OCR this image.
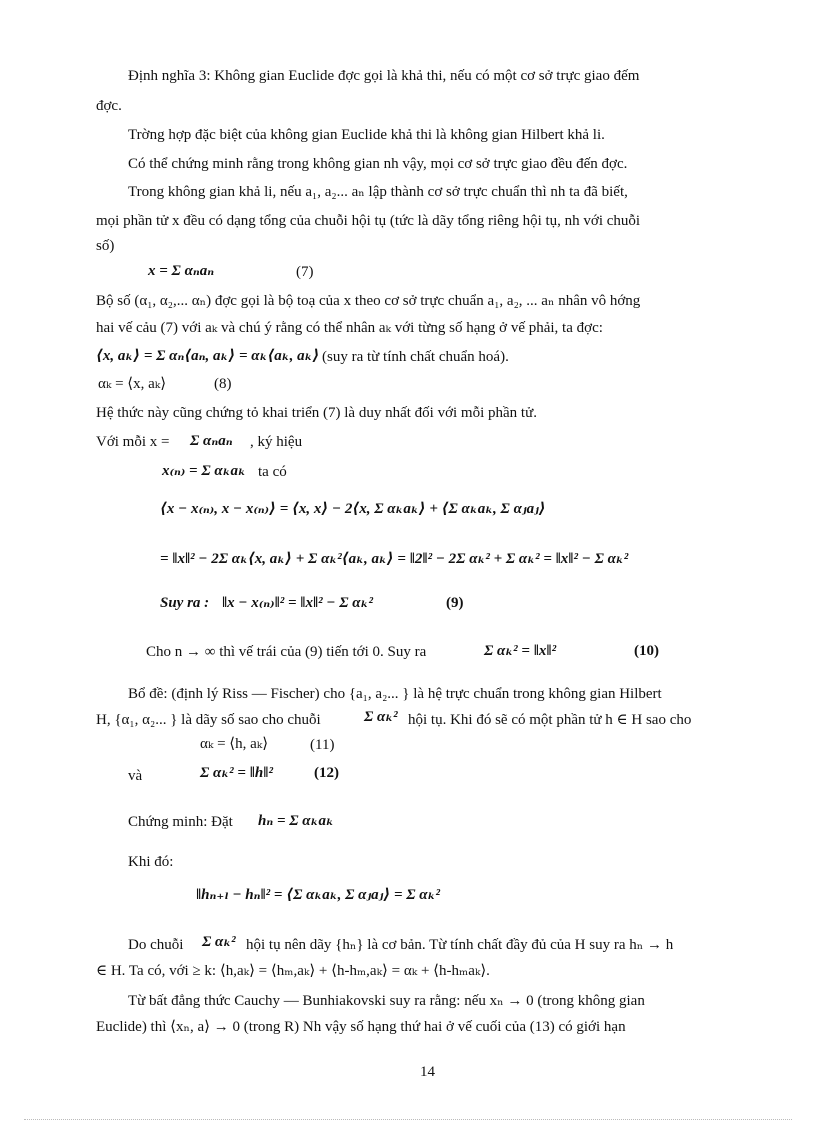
Định nghĩa 3: Không gian Euclide đợc gọi là khả thi, nếu có một cơ sở trực giao đếm
đợc.
Trờng hợp đặc biệt của không gian Euclide khả thi là không gian Hilbert khả li.
Có thể chứng minh rằng trong không gian nh vậy, mọi cơ sở trực giao đều đến đợc.
Trong không gian khả li, nếu a₁, a₂... aₙ lập thành cơ sở trực chuẩn thì nh ta đã biết,
mọi phần tử x đều có dạng tổng của chuỗi hội tụ (tức là dãy tổng riêng hội tụ, nh với chuỗi
số)
x = Σ αₙaₙ	(7)
Bộ số (α₁, α₂,... αₙ) đợc gọi là bộ toạ của x theo cơ sở trực chuẩn a₁, a₂, ... aₙ nhân vô hớng
hai vế cảu (7) với aₖ và chú ý rằng có thể nhân aₖ với từng số hạng ở vế phải, ta đợc:
⟨x, aₖ⟩ = Σ αₙ⟨aₙ, aₖ⟩ = αₖ⟨aₖ, aₖ⟩ (suy ra từ tính chất chuẩn hoá).
αₖ = ⟨x, aₖ⟩	(8)
Hệ thức này cũng chứng tỏ khai triển (7) là duy nhất đối với mỗi phần tử.
Với mỗi x = Σ αₙaₙ , ký hiệu
x₍ₙ₎ = Σ αₖaₖ ta có
⟨x − x₍ₙ₎, x − x₍ₙ₎⟩ = ⟨x, x⟩ − 2⟨x, Σ αₖaₖ⟩ + ⟨Σ αₖaₖ, Σ αⱼaⱼ⟩
= ‖x‖² − 2Σ αₖ⟨x, aₖ⟩ + Σ αₖ²⟨aₖ, aₖ⟩ = ‖2‖² − 2Σ αₖ² + Σ αₖ² = ‖x‖² − Σ αₖ²
Suy ra : ‖x − x₍ₙ₎‖² = ‖x‖² − Σ αₖ²	(9)
Cho n → ∞ thì vế trái của (9) tiến tới 0. Suy ra	Σ αₖ² = ‖x‖²	(10)
Bổ đề: (định lý Riss — Fischer) cho {a₁, a₂... } là hệ trực chuẩn trong không gian Hilbert
H, {α₁, α₂... } là dãy số sao cho chuỗi	Σ αₖ² hội tụ. Khi đó sẽ có một phần tử h ∈ H sao cho
αₖ = ⟨h, aₖ⟩	(11)
và	Σ αₖ² = ‖h‖²	(12)
Chứng minh: Đặt hₙ = Σ αₖaₖ
Khi đó:
‖hₙ₊ₗ − hₙ‖² = ⟨Σ αₖaₖ, Σ αⱼaⱼ⟩ = Σ αₖ²
Do chuỗi Σ αₖ² hội tụ nên dãy {hₙ} là cơ bản. Từ tính chất đầy đủ của H suy ra hₙ → h
∈ H. Ta có, với ≥ k: ⟨h,aₖ⟩ = ⟨hₘ,aₖ⟩ + ⟨h-hₘ,aₖ⟩ = αₖ + ⟨h-hₘaₖ⟩.
Từ bất đẳng thức Cauchy — Bunhiakovski suy ra rằng: nếu xₙ → 0 (trong không gian
Euclide) thì ⟨xₙ, a⟩ → 0 (trong R) Nh vậy số hạng thứ hai ở vế cuối của (13) có giới hạn
14
